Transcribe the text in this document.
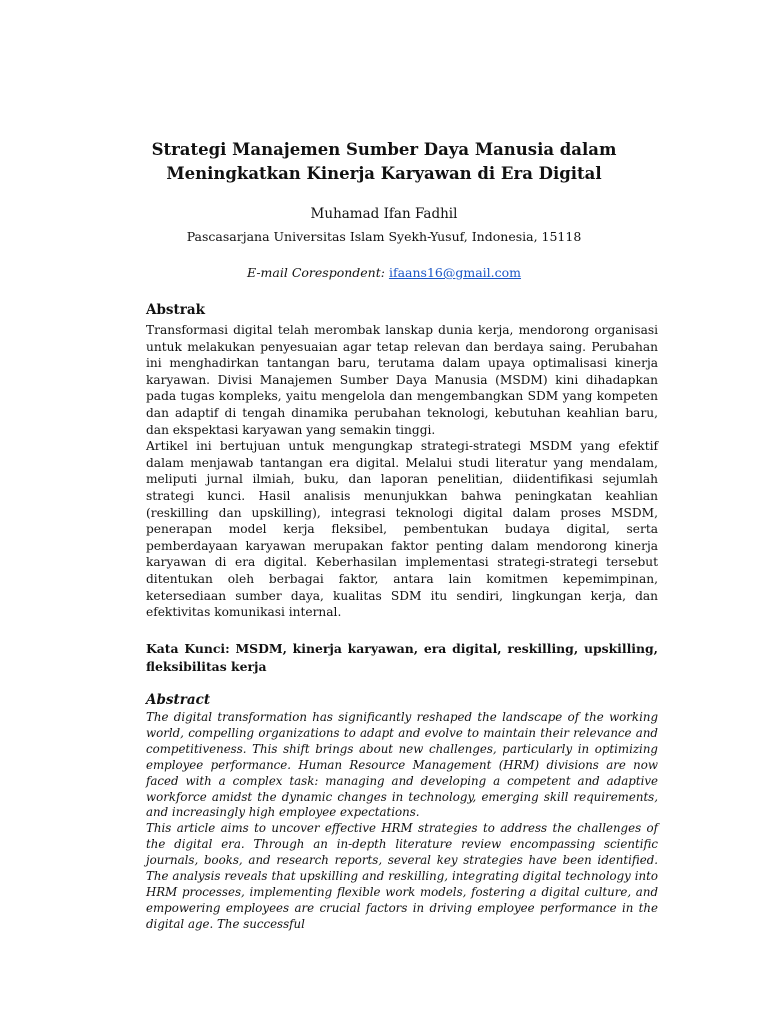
Strategi Manajemen Sumber Daya Manusia dalam
Meningkatkan Kinerja Karyawan di Era Digital
Muhamad Ifan Fadhil
Pascasarjana Universitas Islam Syekh-Yusuf, Indonesia, 15118
E-mail Corespondent: ifaans16@gmail.com
Abstrak

Transformasi digital telah merombak lanskap dunia kerja, mendorong organisasi untuk melakukan penyesuaian agar tetap relevan dan berdaya saing. Perubahan ini menghadirkan tantangan baru, terutama dalam upaya optimalisasi kinerja karyawan. Divisi Manajemen Sumber Daya Manusia (MSDM) kini dihadapkan pada tugas kompleks, yaitu mengelola dan mengembangkan SDM yang kompeten dan adaptif di tengah dinamika perubahan teknologi, kebutuhan keahlian baru, dan ekspektasi karyawan yang semakin tinggi.

Artikel ini bertujuan untuk mengungkap strategi-strategi MSDM yang efektif dalam menjawab tantangan era digital. Melalui studi literatur yang mendalam, meliputi jurnal ilmiah, buku, dan laporan penelitian, diidentifikasi sejumlah strategi kunci. Hasil analisis menunjukkan bahwa peningkatan keahlian (reskilling dan upskilling), integrasi teknologi digital dalam proses MSDM, penerapan model kerja fleksibel, pembentukan budaya digital, serta pemberdayaan karyawan merupakan faktor penting dalam mendorong kinerja karyawan di era digital. Keberhasilan implementasi strategi-strategi tersebut ditentukan oleh berbagai faktor, antara lain komitmen kepemimpinan, ketersediaan sumber daya, kualitas SDM itu sendiri, lingkungan kerja, dan efektivitas komunikasi internal.

Kata Kunci: MSDM, kinerja karyawan, era digital, reskilling, upskilling, fleksibilitas kerja
Abstract

The digital transformation has significantly reshaped the landscape of the working world, compelling organizations to adapt and evolve to maintain their relevance and competitiveness. This shift brings about new challenges, particularly in optimizing employee performance. Human Resource Management (HRM) divisions are now faced with a complex task: managing and developing a competent and adaptive workforce amidst the dynamic changes in technology, emerging skill requirements, and increasingly high employee expectations.

This article aims to uncover effective HRM strategies to address the challenges of the digital era. Through an in-depth literature review encompassing scientific journals, books, and research reports, several key strategies have been identified. The analysis reveals that upskilling and reskilling, integrating digital technology into HRM processes, implementing flexible work models, fostering a digital culture, and empowering employees are crucial factors in driving employee performance in the digital age. The successful
